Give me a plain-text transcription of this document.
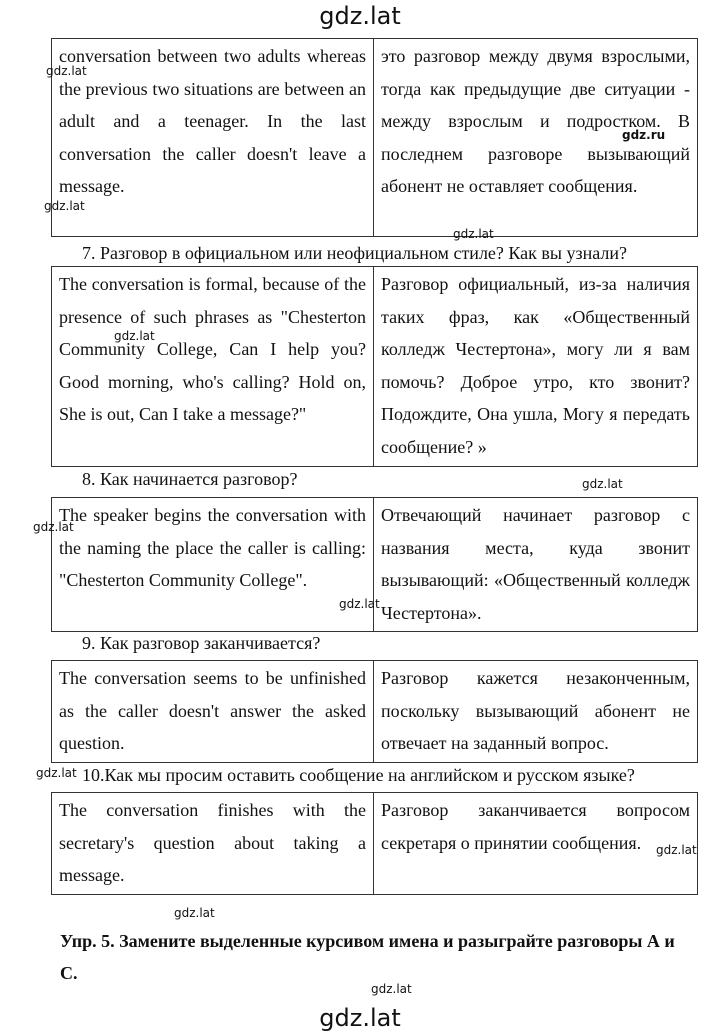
gdz.lat
conversation between two adults whereas the previous two situations are between an adult and a teenager. In the last conversation the caller doesn't leave a message.	это разговор между двумя взрослыми, тогда как предыдущие две ситуации - между взрослым и подростком. В последнем разговоре вызывающий абонент не оставляет сообщения.
7. Разговор в официальном или неофициальном стиле? Как вы узнали?
The conversation is formal, because of the presence of such phrases as "Chesterton Community College, Can I help you? Good morning, who's calling? Hold on, She is out, Can I take a message?"	Разговор официальный, из-за наличия таких фраз, как «Общественный колледж Честертона», могу ли я вам помочь? Доброе утро, кто звонит? Подождите, Она ушла, Могу я передать сообщение? »
8. Как начинается разговор?
The speaker begins the conversation with the naming the place the caller is calling: "Chesterton Community College".	Отвечающий начинает разговор с названия места, куда звонит вызывающий: «Общественный колледж Честертона».
9. Как разговор заканчивается?
The conversation seems to be unfinished as the caller doesn't answer the asked question.	Разговор кажется незаконченным, поскольку вызывающий абонент не отвечает на заданный вопрос.
10.Как мы просим оставить сообщение на английском и русском языке?
The conversation finishes with the secretary's question about taking a message.	Разговор заканчивается вопросом секретаря о принятии сообщения.
Упр. 5. Замените выделенные курсивом имена и разыграйте разговоры А и С.
gdz.lat
gdz.lat
gdz.lat
gdz.ru
gdz.lat
gdz.lat
gdz.lat
gdz.lat
gdz.lat
gdz.lat
gdz.lat
gdz.lat
gdz.lat
